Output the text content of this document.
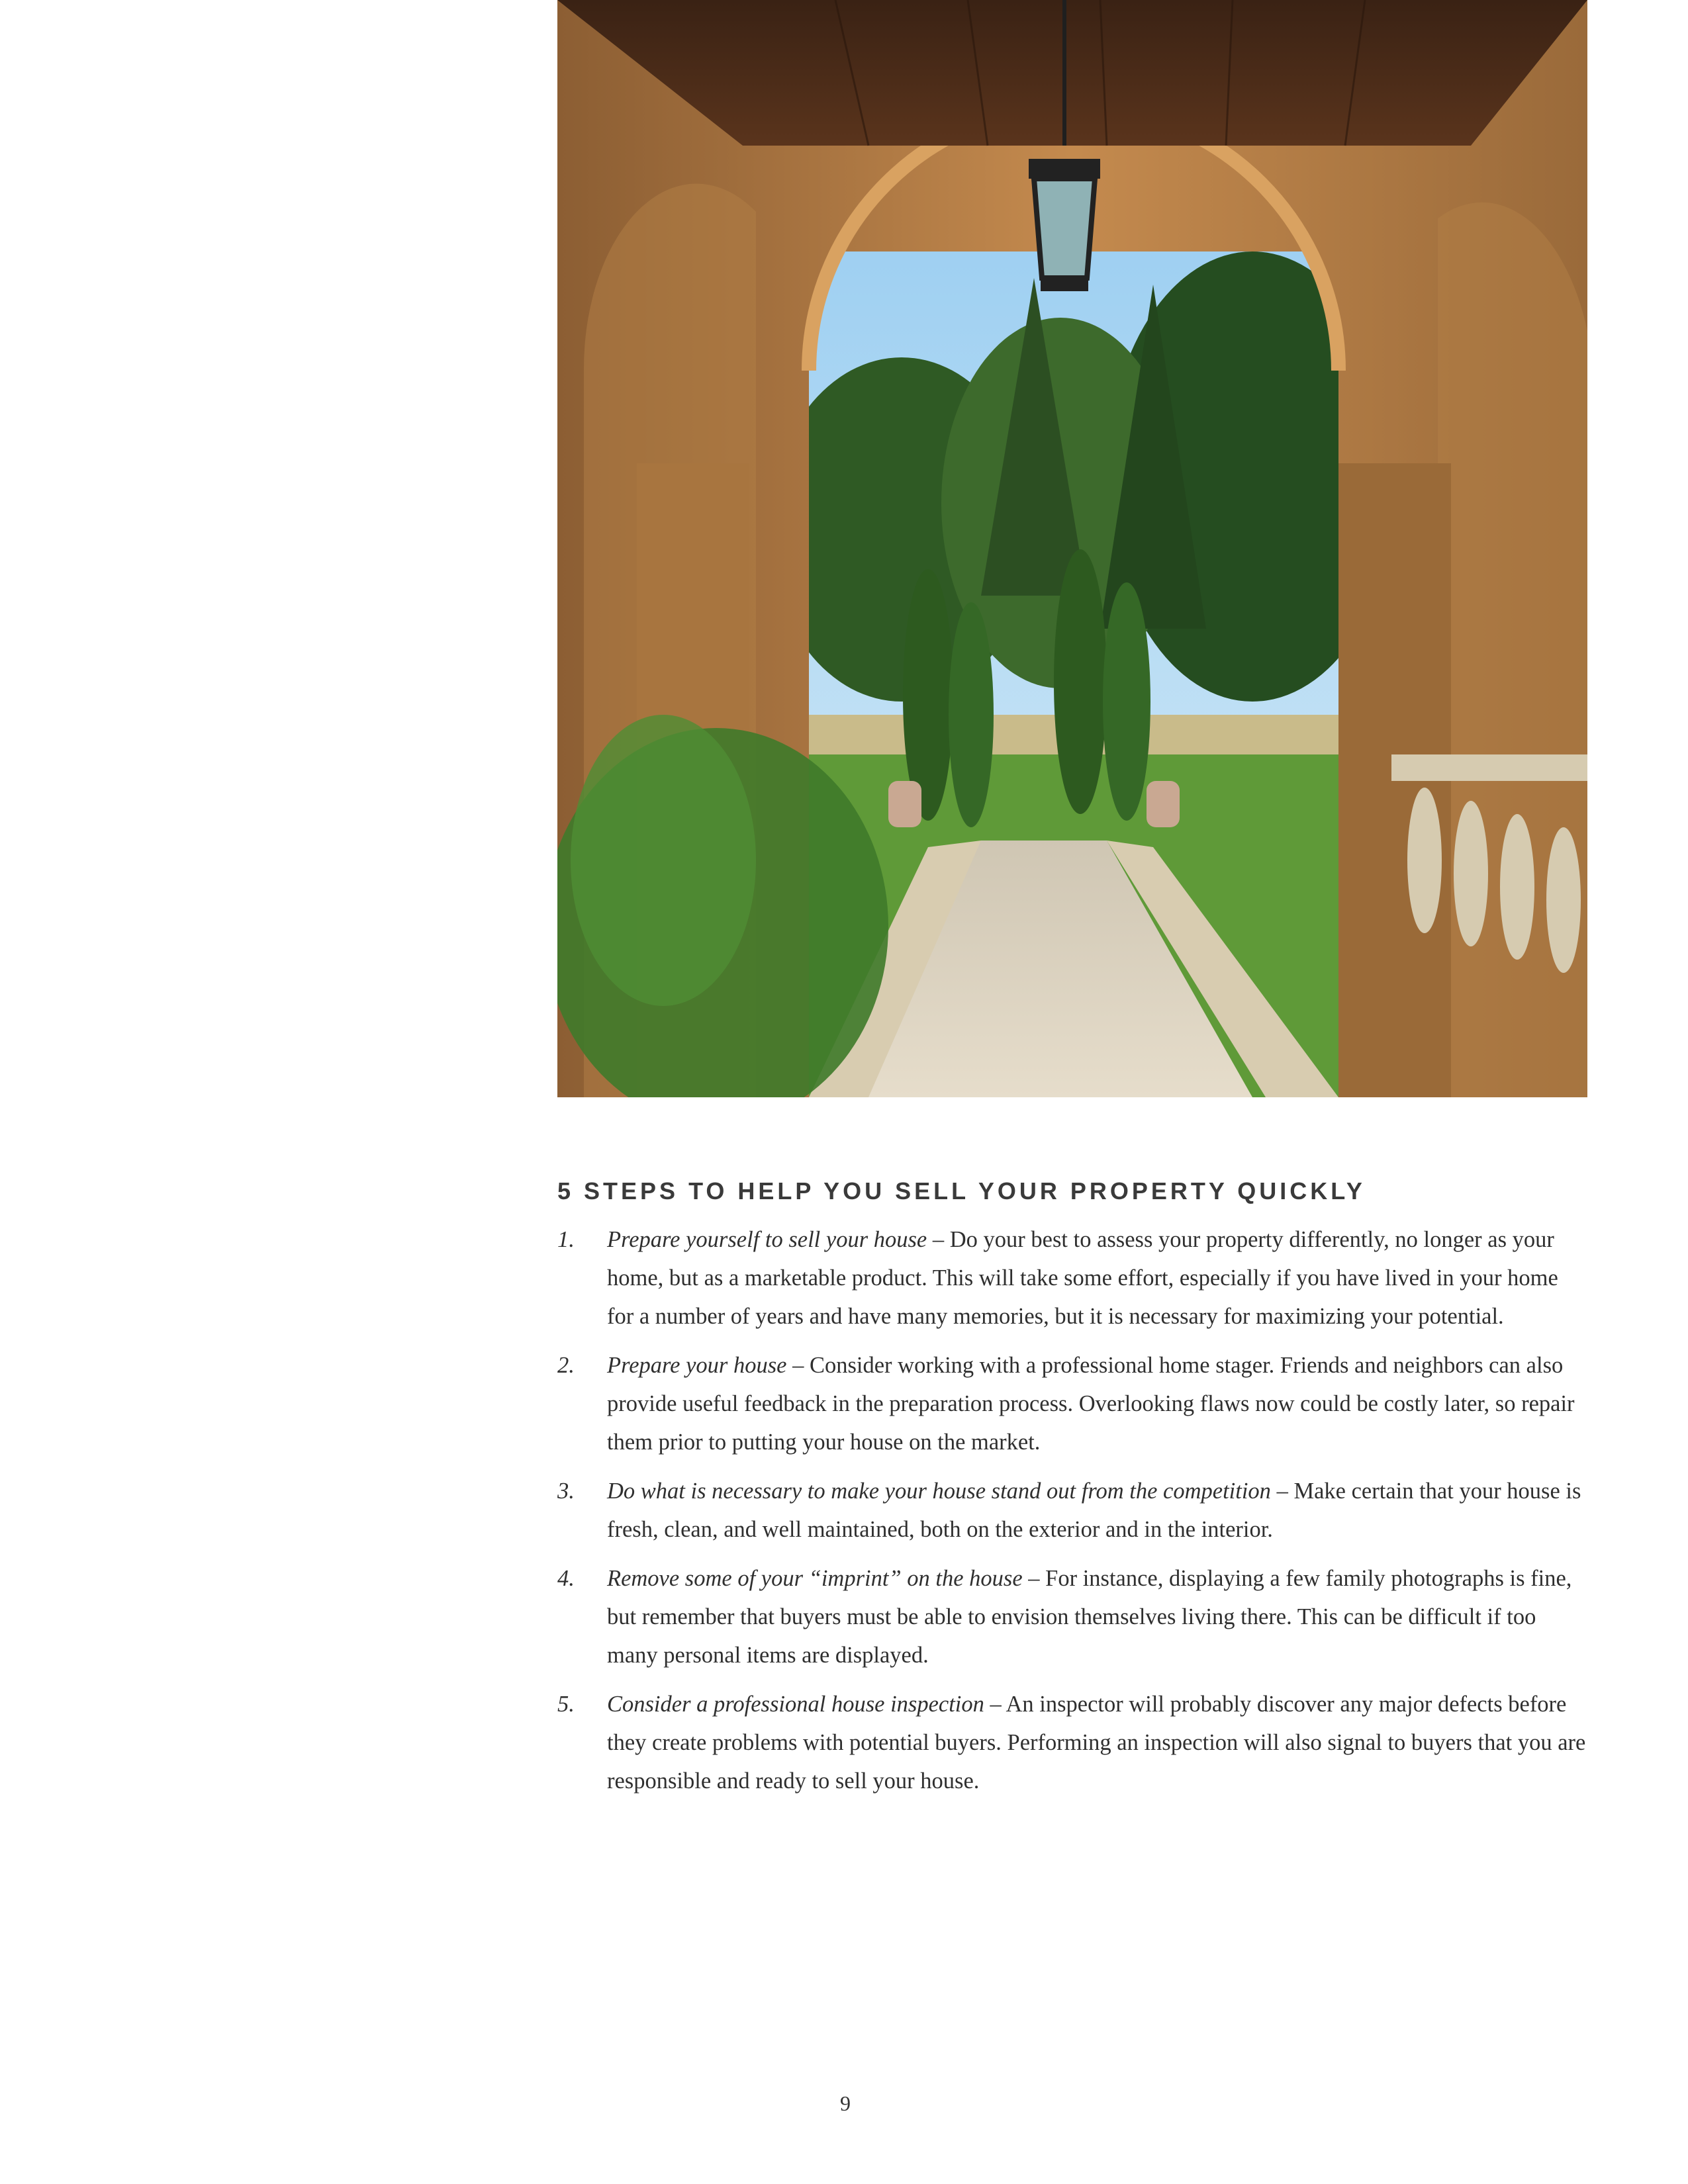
5 STEPS TO HELP YOU SELL YOUR PROPERTY QUICKLY
1. Prepare yourself to sell your house – Do your best to assess your property differently, no longer as your home, but as a marketable product. This will take some effort, especially if you have lived in your home for a number of years and have many memories, but it is necessary for maximizing your potential.
2. Prepare your house – Consider working with a professional home stager. Friends and neighbors can also provide useful feedback in the preparation process. Overlooking flaws now could be costly later, so repair them prior to putting your house on the market.
3. Do what is necessary to make your house stand out from the competition – Make certain that your house is fresh, clean, and well maintained, both on the exterior and in the interior.
4. Remove some of your “imprint” on the house – For instance, displaying a few family photographs is fine, but remember that buyers must be able to envision themselves living there. This can be difficult if too many personal items are displayed.
5. Consider a professional house inspection – An inspector will probably discover any major defects before they create problems with potential buyers. Performing an inspection will also signal to buyers that you are responsible and ready to sell your house.
9
